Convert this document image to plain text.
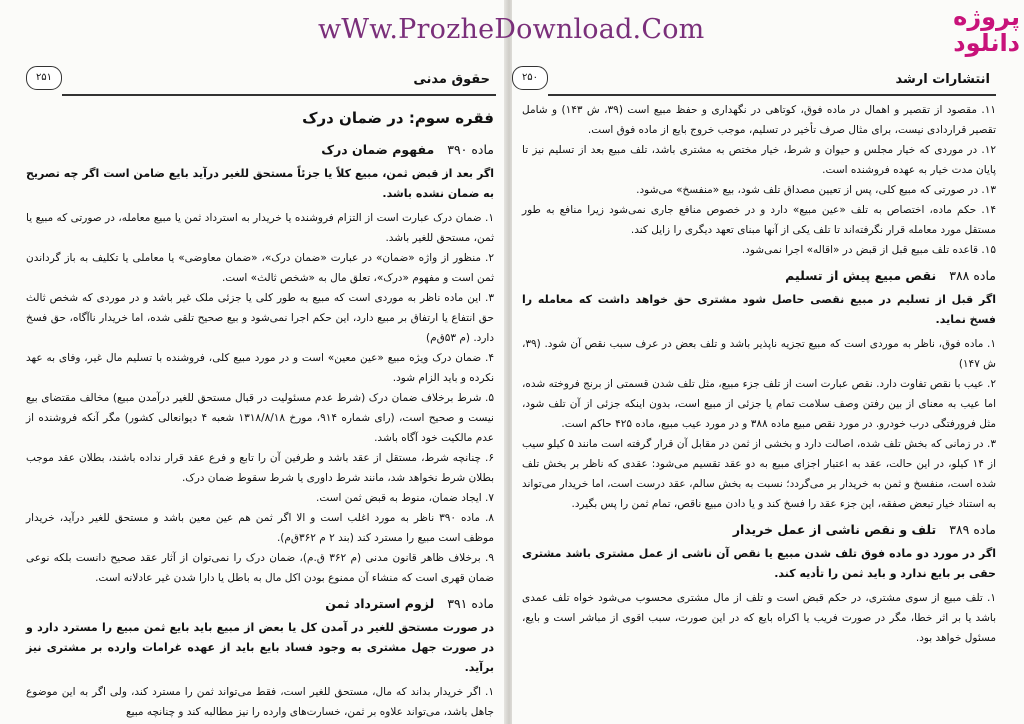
۲۵۱	حقوق مدنی
فقره سوم: در ضمان درک
ماده ۳۹۰   مفهوم ضمان درک
اگر بعد از قبض ثمن، مبیع کلاً یا جزئاً مستحق للغیر درآید بایع ضامن است اگر چه تصریح به ضمان نشده باشد.

۱. ضمان درک عبارت است از التزام فروشنده یا خریدار به استرداد ثمن یا مبیع معامله، در صورتی که مبیع یا ثمن، مستحق للغیر باشد.

۲. منظور از واژه «ضمان» در عبارت «ضمان درک»، «ضمان معاوضی» یا معاملی یا تکلیف به باز گرداندن ثمن است و مفهوم «درک»، تعلق مال به «شخص ثالث» است.

۳. این ماده ناظر به موردی است که مبیع به طور کلی یا جزئی ملک غیر باشد و در موردی که شخص ثالث حق انتفاع یا ارتفاق بر مبیع دارد، این حکم اجرا نمی‌شود و بیع صحیح تلقی شده، اما خریدار ناآگاه، حق فسخ دارد. (م ۵۳ق‌م)

۴. ضمان درک ویژه مبیع «عین معین» است و در مورد مبیع کلی، فروشنده با تسلیم مال غیر، وفای به عهد نکرده و باید الزام شود.

۵. شرط برخلاف ضمان درک (شرط عدم مسئولیت در قبال مستحق للغیر درآمدن مبیع) مخالف مقتضای بیع نیست و صحیح است، (رای شماره ۹۱۴، مورخ ۱۳۱۸/۸/۱۸ شعبه ۴ دیوانعالی کشور) مگر آنکه فروشنده از عدم مالکیت خود آگاه باشد.

۶. چنانچه شرط، مستقل از عقد باشد و طرفین آن را تابع و فرع عقد قرار نداده باشند، بطلان عقد موجب بطلان شرط نخواهد شد، مانند شرط داوری یا شرط سقوط ضمان درک.

۷. ایجاد ضمان، منوط به قبض ثمن است.

۸. ماده ۳۹۰ ناظر به مورد اغلب است و الا اگر ثمن هم عین معین باشد و مستحق للغیر درآید، خریدار موظف است مبیع را مسترد کند (بند ۲ م ۳۶۲ق‌م).

۹. برخلاف ظاهر قانون مدنی (م ۳۶۲ ق.م)، ضمان درک را نمی‌توان از آثار عقد صحیح دانست بلکه نوعی ضمان قهری است که منشاء آن ممنوع بودن اکل مال به باطل یا دارا شدن غیر عادلانه است.

ماده ۳۹۱   لزوم استرداد ثمن
در صورت مستحق للغیر در آمدن کل یا بعض از مبیع باید بایع ثمن مبیع را مسترد دارد و در صورت جهل مشتری به وجود فساد بایع باید از عهده غرامات وارده بر مشتری نیز برآید.

۱. اگر خریدار بداند که مال، مستحق للغیر است، فقط می‌تواند ثمن را مسترد کند، ولی اگر به این موضوع جاهل باشد، می‌تواند علاوه بر ثمن، خسارت‌های وارده را نیز مطالبه کند و چنانچه مبیع

۲۵۰	انتشارات ارشد

۱۱. مقصود از تقصیر و اهمال در ماده فوق، کوتاهی در نگهداری و حفظ مبیع است (۳۹، ش ۱۴۳) و شامل تقصیر قراردادی نیست، برای مثال صرف تأخیر در تسلیم، موجب خروج بایع از ماده فوق است.

۱۲. در موردی که خیار مجلس و حیوان و شرط، خیار مختص به مشتری باشد، تلف مبیع بعد از تسلیم نیز تا پایان مدت خیار به عهده فروشنده است.

۱۳. در صورتی که مبیع کلی، پس از تعیین مصداق تلف شود، بیع «منفسخ» می‌شود.

۱۴. حکم ماده، اختصاص به تلف «عین مبیع» دارد و در خصوص منافع جاری نمی‌شود زیرا منافع به طور مستقل مورد معامله قرار نگرفته‌اند تا تلف یکی از آنها مبنای تعهد دیگری را زایل کند.

۱۵. قاعده تلف مبیع قبل از قبض در «اقاله» اجرا نمی‌شود.

ماده ۳۸۸   نقص مبیع پیش از تسلیم
اگر قبل از تسلیم در مبیع نقصی حاصل شود مشتری حق خواهد داشت که معامله را فسخ نماید.

۱. ماده فوق، ناظر به موردی است که مبیع تجزیه ناپذیر باشد و تلف بعض در عرف سبب نقص آن شود. (۳۹، ش ۱۴۷)

۲. عیب با نقص تفاوت دارد. نقص عبارت است از تلف جزء مبیع، مثل تلف شدن قسمتی از برنج فروخته شده، اما عیب به معنای از بین رفتن وصف سلامت تمام یا جزئی از مبیع است، بدون اینکه جزئی از آن تلف شود، مثل فرورفتگی درب خودرو. در مورد نقص مبیع ماده ۳۸۸ و در مورد عیب مبیع، ماده ۴۲۵ حاکم است.

۳. در زمانی که بخش تلف شده، اصالت دارد و بخشی از ثمن در مقابل آن قرار گرفته است مانند ۵ کیلو سیب از ۱۴ کیلو، در این حالت، عقد به اعتبار اجزای مبیع به دو عقد تقسیم می‌شود: عقدی که ناظر بر بخش تلف شده است، منفسخ و ثمن به خریدار بر می‌گردد؛ نسبت به بخش سالم، عقد درست است، اما خریدار می‌تواند به استناد خیار تبعض صفقه، این جزء عقد را فسخ کند و یا دادن مبیع ناقص، تمام ثمن را پس بگیرد.

ماده ۳۸۹   تلف و نقص ناشی از عمل خریدار
اگر در مورد دو ماده فوق تلف شدن مبیع یا نقص آن ناشی از عمل مشتری باشد مشتری حقی بر بایع ندارد و باید ثمن را تأدیه کند.

۱. تلف مبیع از سوی مشتری، در حکم قبض است و تلف از مال مشتری محسوب می‌شود خواه تلف عمدی باشد یا بر اثر خطا، مگر در صورت فریب یا اکراه بایع که در این صورت، سبب اقوی از مباشر است و بایع، مسئول خواهد بود.

wWw.ProzheDownload.Com	پروژه دانلود
